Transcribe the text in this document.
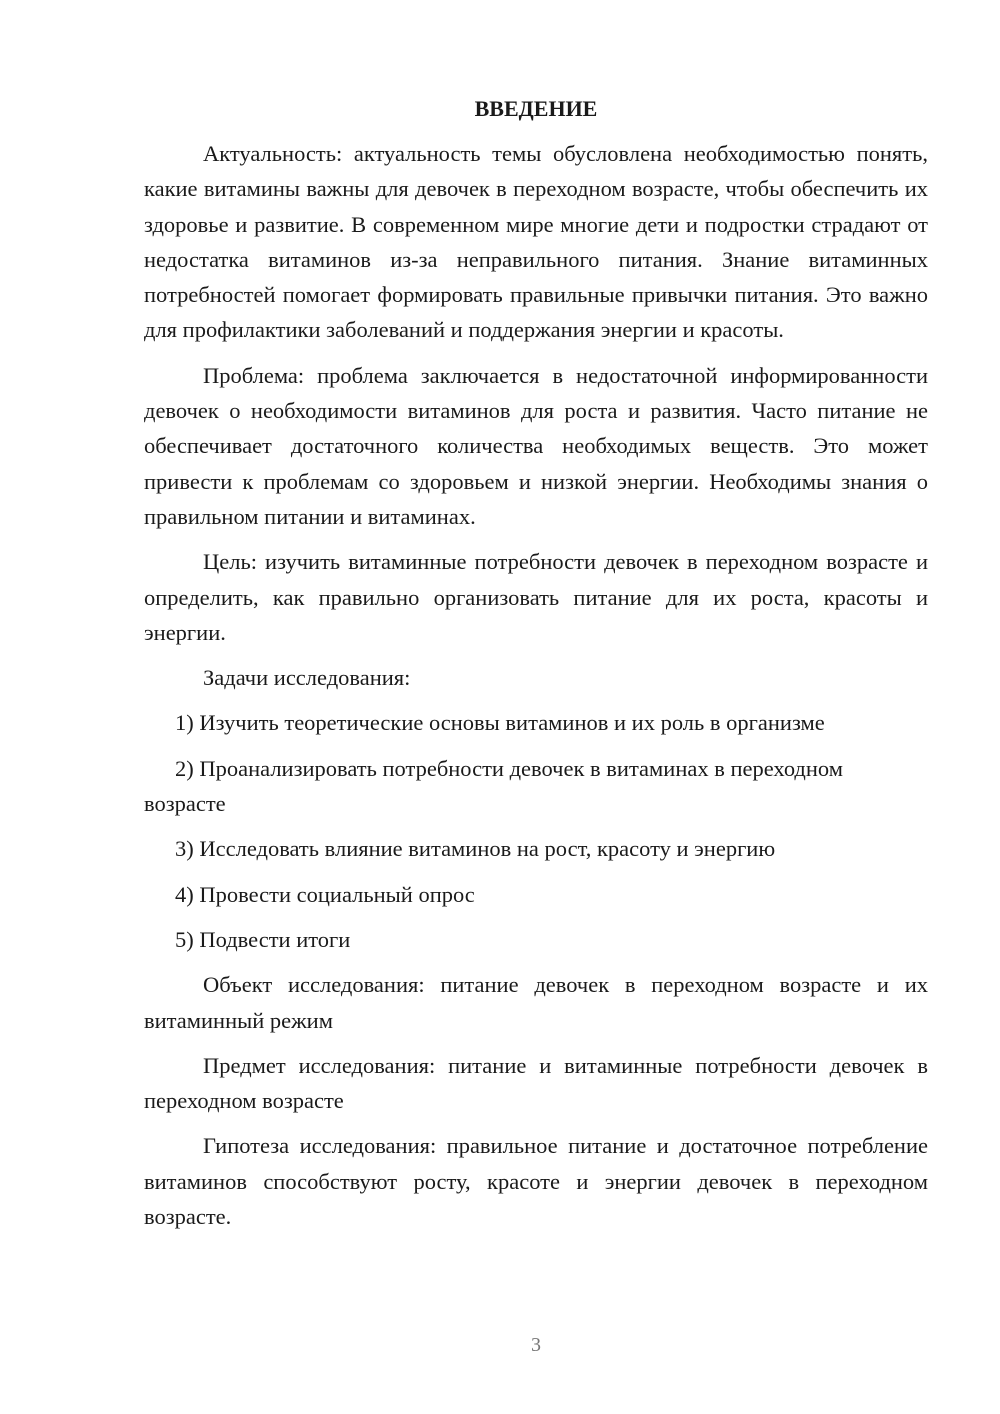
ВВЕДЕНИЕ

Актуальность: актуальность темы обусловлена необходимостью понять, какие витамины важны для девочек в переходном возрасте, чтобы обеспечить их здоровье и развитие. В современном мире многие дети и подростки страдают от недостатка витаминов из-за неправильного питания. Знание витаминных потребностей помогает формировать правильные привычки питания. Это важно для профилактики заболеваний и поддержания энергии и красоты.

Проблема: проблема заключается в недостаточной информированности девочек о необходимости витаминов для роста и развития. Часто питание не обеспечивает достаточного количества необходимых веществ. Это может привести к проблемам со здоровьем и низкой энергии. Необходимы знания о правильном питании и витаминах.

Цель: изучить витаминные потребности девочек в переходном возрасте и определить, как правильно организовать питание для их роста, красоты и энергии.

Задачи исследования:

1) Изучить теоретические основы витаминов и их роль в организме

2) Проанализировать потребности девочек в витаминах в переходном возрасте

3) Исследовать влияние витаминов на рост, красоту и энергию

4) Провести социальный опрос

5) Подвести итоги

Объект исследования: питание девочек в переходном возрасте и их витаминный режим

Предмет исследования: питание и витаминные потребности девочек в переходном возрасте

Гипотеза исследования: правильное питание и достаточное потребление витаминов способствуют росту, красоте и энергии девочек в переходном возрасте.

3
